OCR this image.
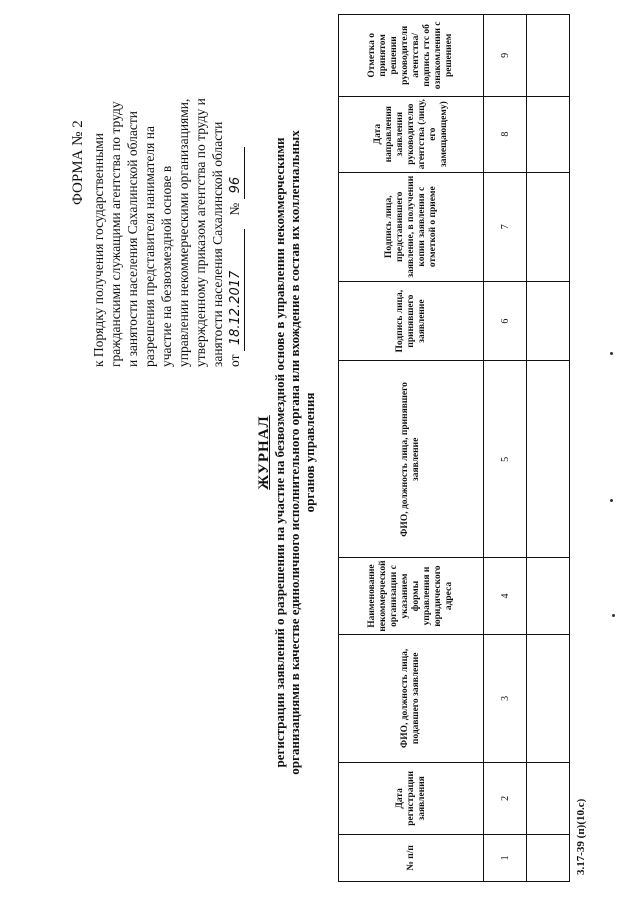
ФОРМА № 2 к Порядку получения государственными гражданскими служащими агентства по труду и занятости населения Сахалинской области разрешения представителя нанимателя на участие на безвозмездной основе в управлении некоммерческими организациями, утвержденному приказом агентства по труду и занятости населения Сахалинской области от 18.12.2017    № 96
ЖУРНАЛ регистрации заявлений о разрешении на участие на безвозмездной основе в управлении некоммерческими организациями в качестве единоличного исполнительного органа или вхождение в состав их коллегиальных органов управления
№ п/п	Дата регистрации заявления	ФИО, должность лица, подавшего заявление	Наименование некоммерческой организации с указанием формы управления и юридического адреса	ФИО, должность лица, принявшего заявление	Подпись лица, принявшего заявление	Подпись лица, представившего заявление, в получении копии заявления с отметкой о приеме	Дата направления заявления руководителю агентства (лицу, его замещающему)	Отметка о принятом решении руководителя агентства/подпись гтс об ознакомлении с решением
1	2	3	4	5	6	7	8	9

3.17-39 (п)(10.с)
